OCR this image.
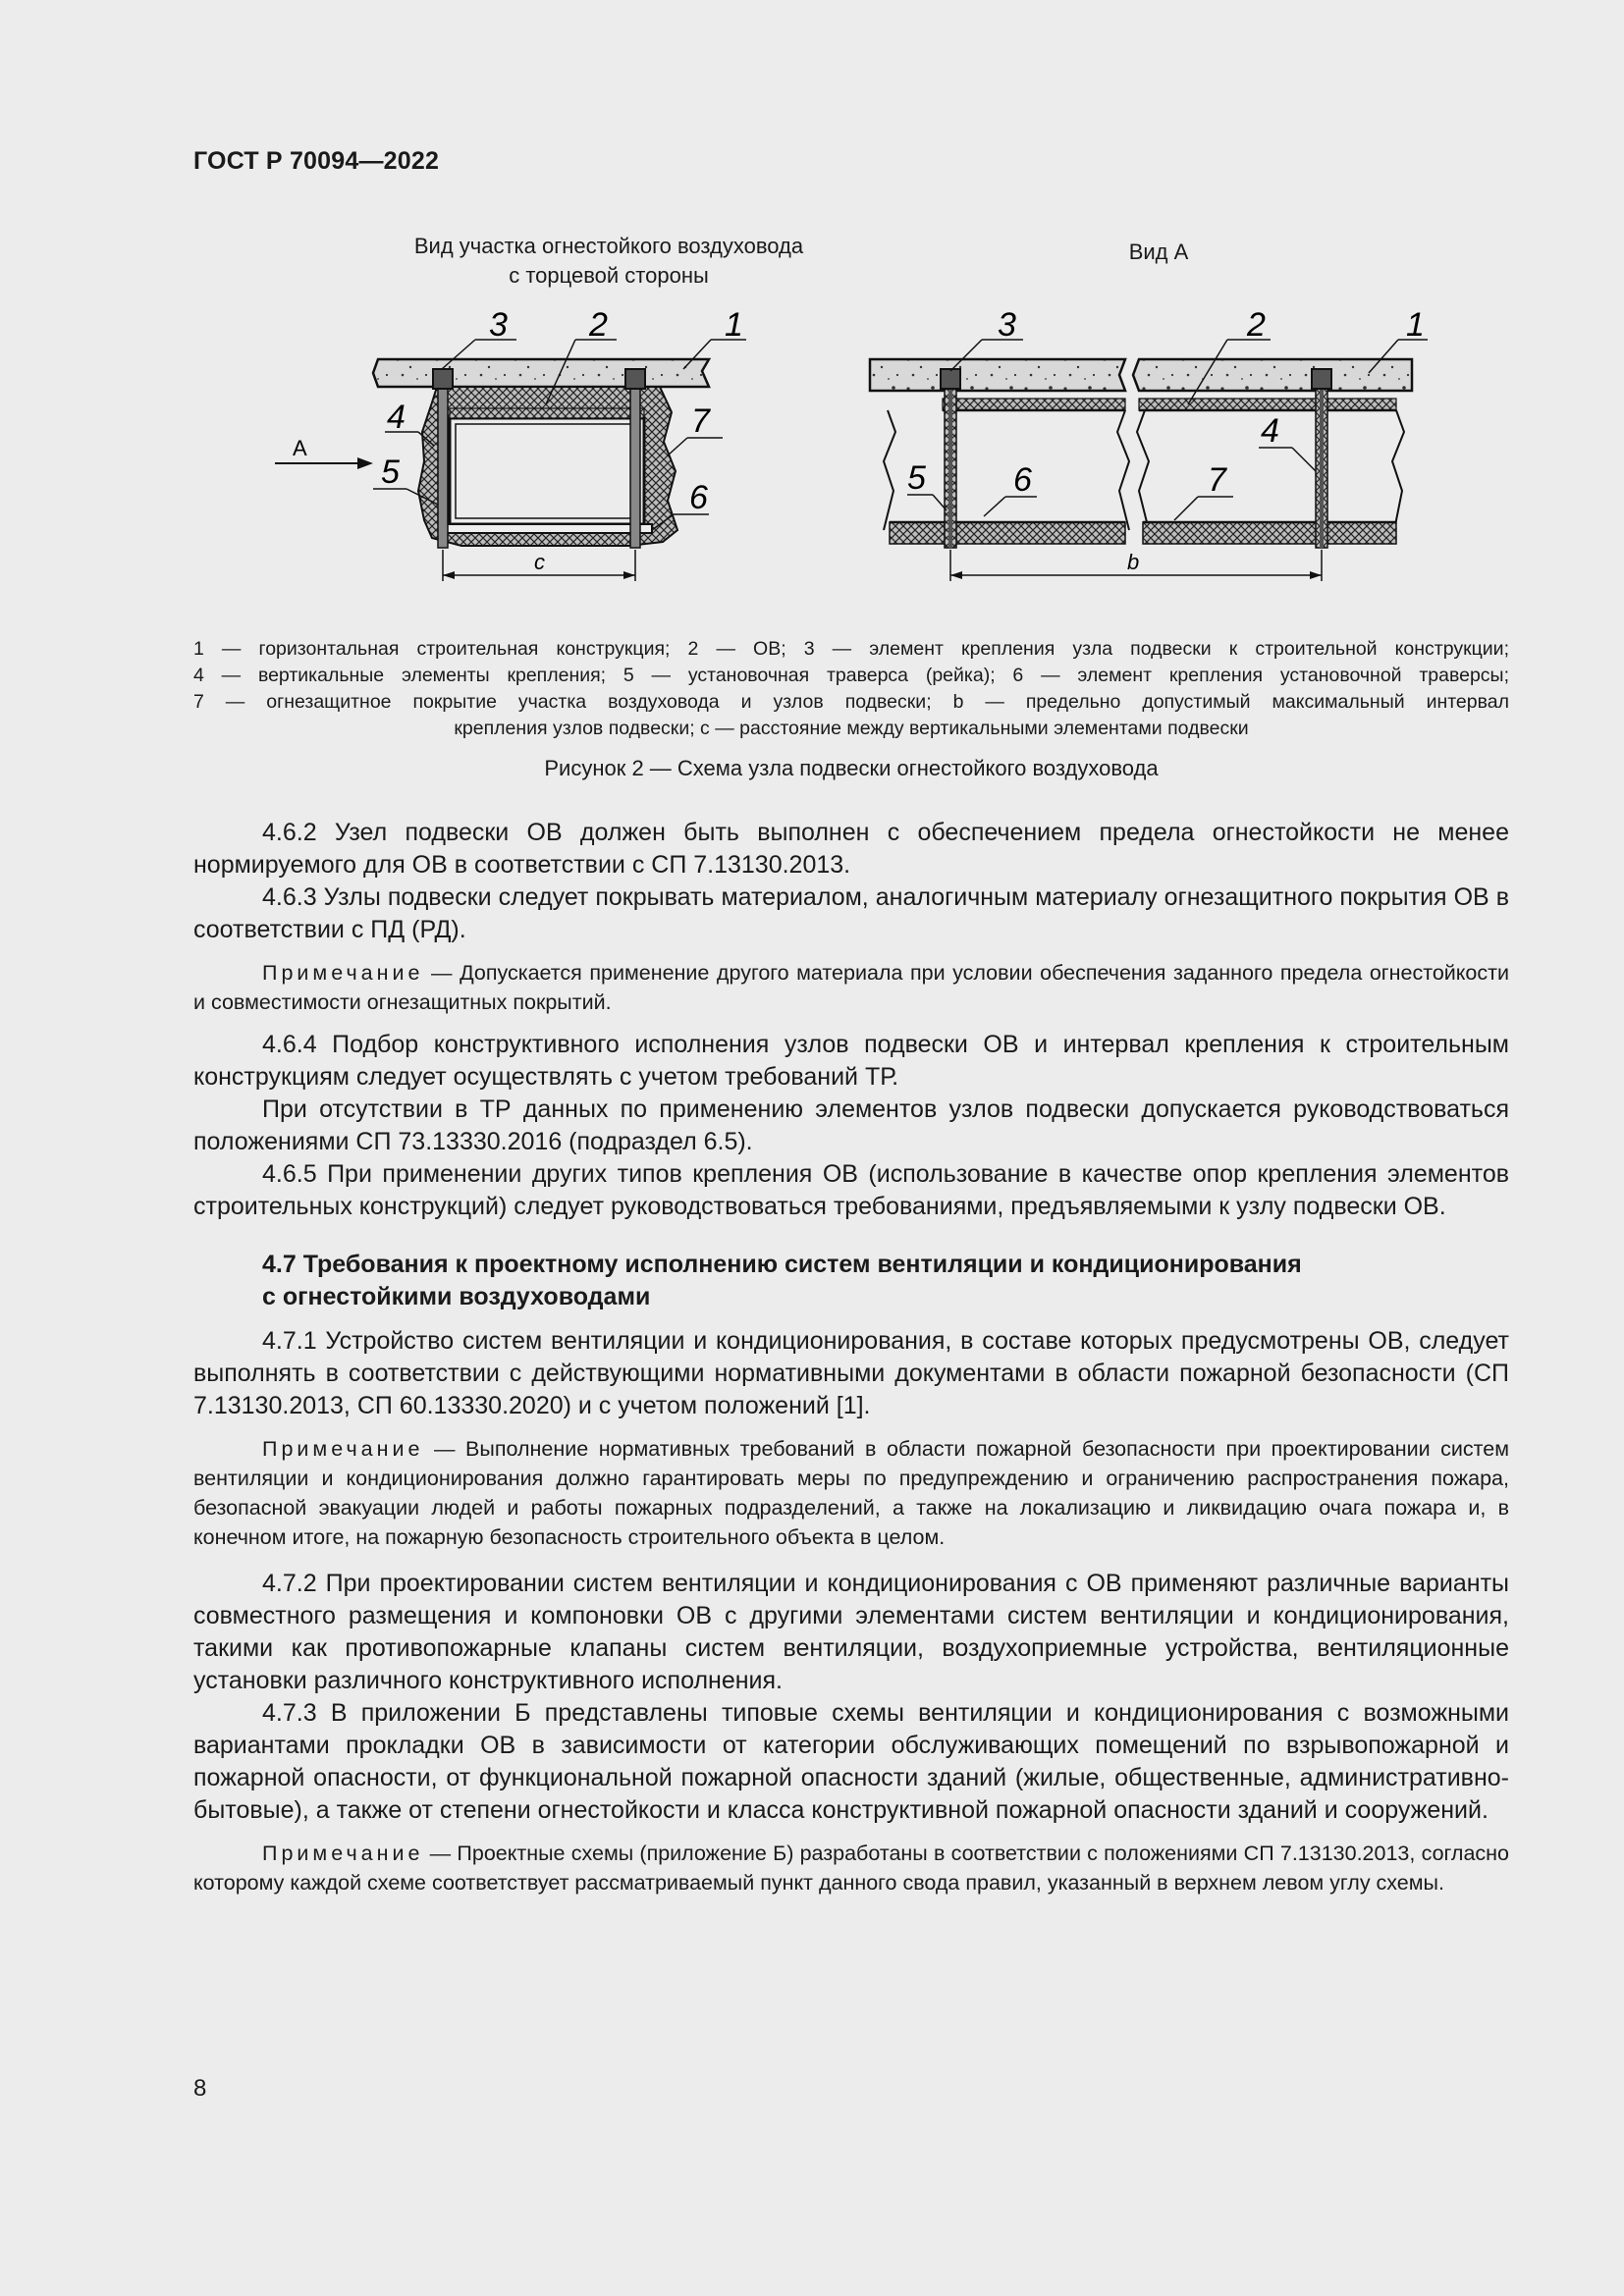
ГОСТ Р 70094—2022
Вид участка огнестойкого воздуховода
с торцевой стороны
Вид А
3 2	1
4
5
7
6
А
c
3	2	1
4
5	6	7
b
1 — горизонтальная строительная конструкция; 2 — ОВ; 3 — элемент крепления узла подвески к строительной конструкции;
4 — вертикальные элементы крепления; 5 — установочная траверса (рейка); 6 — элемент крепления установочной траверсы;
7 — огнезащитное покрытие участка воздуховода и узлов подвески; b — предельно допустимый максимальный интервал
крепления узлов подвески; c — расстояние между вертикальными элементами подвески
Рисунок 2 — Схема узла подвески огнестойкого воздуховода

4.6.2 Узел подвески ОВ должен быть выполнен с обеспечением предела огнестойкости не менее нормируемого для ОВ в соответствии с СП 7.13130.2013.

4.6.3 Узлы подвески следует покрывать материалом, аналогичным материалу огнезащитного покрытия ОВ в соответствии с ПД (РД).

Примечание — Допускается применение другого материала при условии обеспечения заданного предела огнестойкости и совместимости огнезащитных покрытий.

4.6.4 Подбор конструктивного исполнения узлов подвески ОВ и интервал крепления к строительным конструкциям следует осуществлять с учетом требований ТР.

При отсутствии в ТР данных по применению элементов узлов подвески допускается руководствоваться положениями СП 73.13330.2016 (подраздел 6.5).

4.6.5 При применении других типов крепления ОВ (использование в качестве опор крепления элементов строительных конструкций) следует руководствоваться требованиями, предъявляемыми к узлу подвески ОВ.

4.7 Требования к проектному исполнению систем вентиляции и кондиционирования
с огнестойкими воздуховодами

4.7.1 Устройство систем вентиляции и кондиционирования, в составе которых предусмотрены ОВ, следует выполнять в соответствии с действующими нормативными документами в области пожарной безопасности (СП 7.13130.2013, СП 60.13330.2020) и с учетом положений [1].

Примечание — Выполнение нормативных требований в области пожарной безопасности при проектировании систем вентиляции и кондиционирования должно гарантировать меры по предупреждению и ограничению распространения пожара, безопасной эвакуации людей и работы пожарных подразделений, а также на локализацию и ликвидацию очага пожара и, в конечном итоге, на пожарную безопасность строительного объекта в целом.

4.7.2 При проектировании систем вентиляции и кондиционирования с ОВ применяют различные варианты совместного размещения и компоновки ОВ с другими элементами систем вентиляции и кондиционирования, такими как противопожарные клапаны систем вентиляции, воздухоприемные устройства, вентиляционные установки различного конструктивного исполнения.

4.7.3 В приложении Б представлены типовые схемы вентиляции и кондиционирования с возможными вариантами прокладки ОВ в зависимости от категории обслуживающих помещений по взрывопожарной и пожарной опасности, от функциональной пожарной опасности зданий (жилые, общественные, административно-бытовые), а также от степени огнестойкости и класса конструктивной пожарной опасности зданий и сооружений.

Примечание — Проектные схемы (приложение Б) разработаны в соответствии с положениями СП 7.13130.2013, согласно которому каждой схеме соответствует рассматриваемый пункт данного свода правил, указанный в верхнем левом углу схемы.

8
